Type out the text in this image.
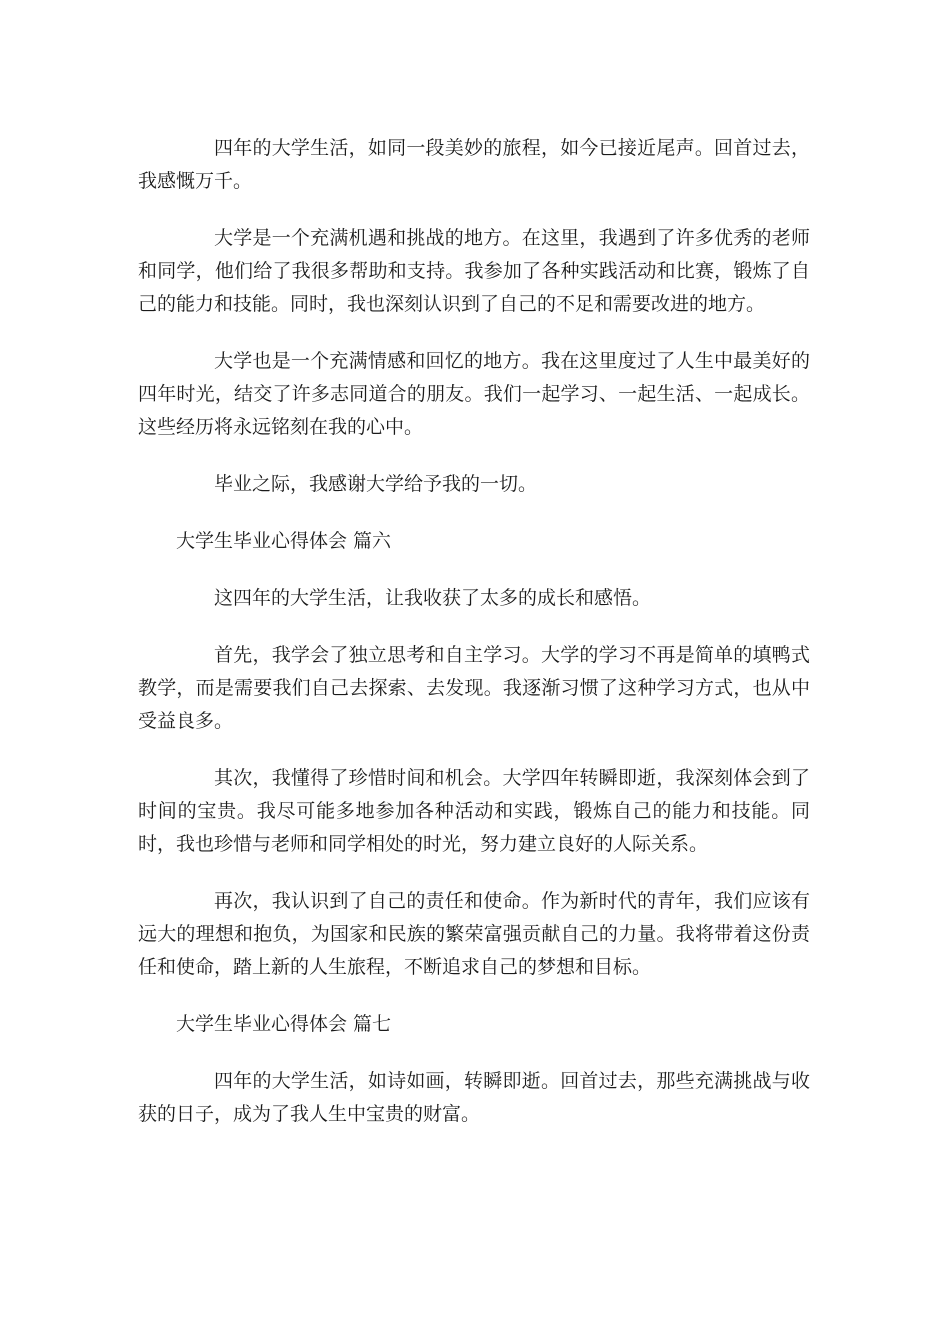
四年的大学生活，如同一段美妙的旅程，如今已接近尾声。回首过去，我感慨万千。

大学是一个充满机遇和挑战的地方。在这里，我遇到了许多优秀的老师和同学，他们给了我很多帮助和支持。我参加了各种实践活动和比赛，锻炼了自己的能力和技能。同时，我也深刻认识到了自己的不足和需要改进的地方。

大学也是一个充满情感和回忆的地方。我在这里度过了人生中最美好的四年时光，结交了许多志同道合的朋友。我们一起学习、一起生活、一起成长。这些经历将永远铭刻在我的心中。

毕业之际，我感谢大学给予我的一切。

大学生毕业心得体会 篇六

这四年的大学生活，让我收获了太多的成长和感悟。

首先，我学会了独立思考和自主学习。大学的学习不再是简单的填鸭式教学，而是需要我们自己去探索、去发现。我逐渐习惯了这种学习方式，也从中受益良多。

其次，我懂得了珍惜时间和机会。大学四年转瞬即逝，我深刻体会到了时间的宝贵。我尽可能多地参加各种活动和实践，锻炼自己的能力和技能。同时，我也珍惜与老师和同学相处的时光，努力建立良好的人际关系。

再次，我认识到了自己的责任和使命。作为新时代的青年，我们应该有远大的理想和抱负，为国家和民族的繁荣富强贡献自己的力量。我将带着这份责任和使命，踏上新的人生旅程，不断追求自己的梦想和目标。

大学生毕业心得体会 篇七

四年的大学生活，如诗如画，转瞬即逝。回首过去，那些充满挑战与收获的日子，成为了我人生中宝贵的财富。
